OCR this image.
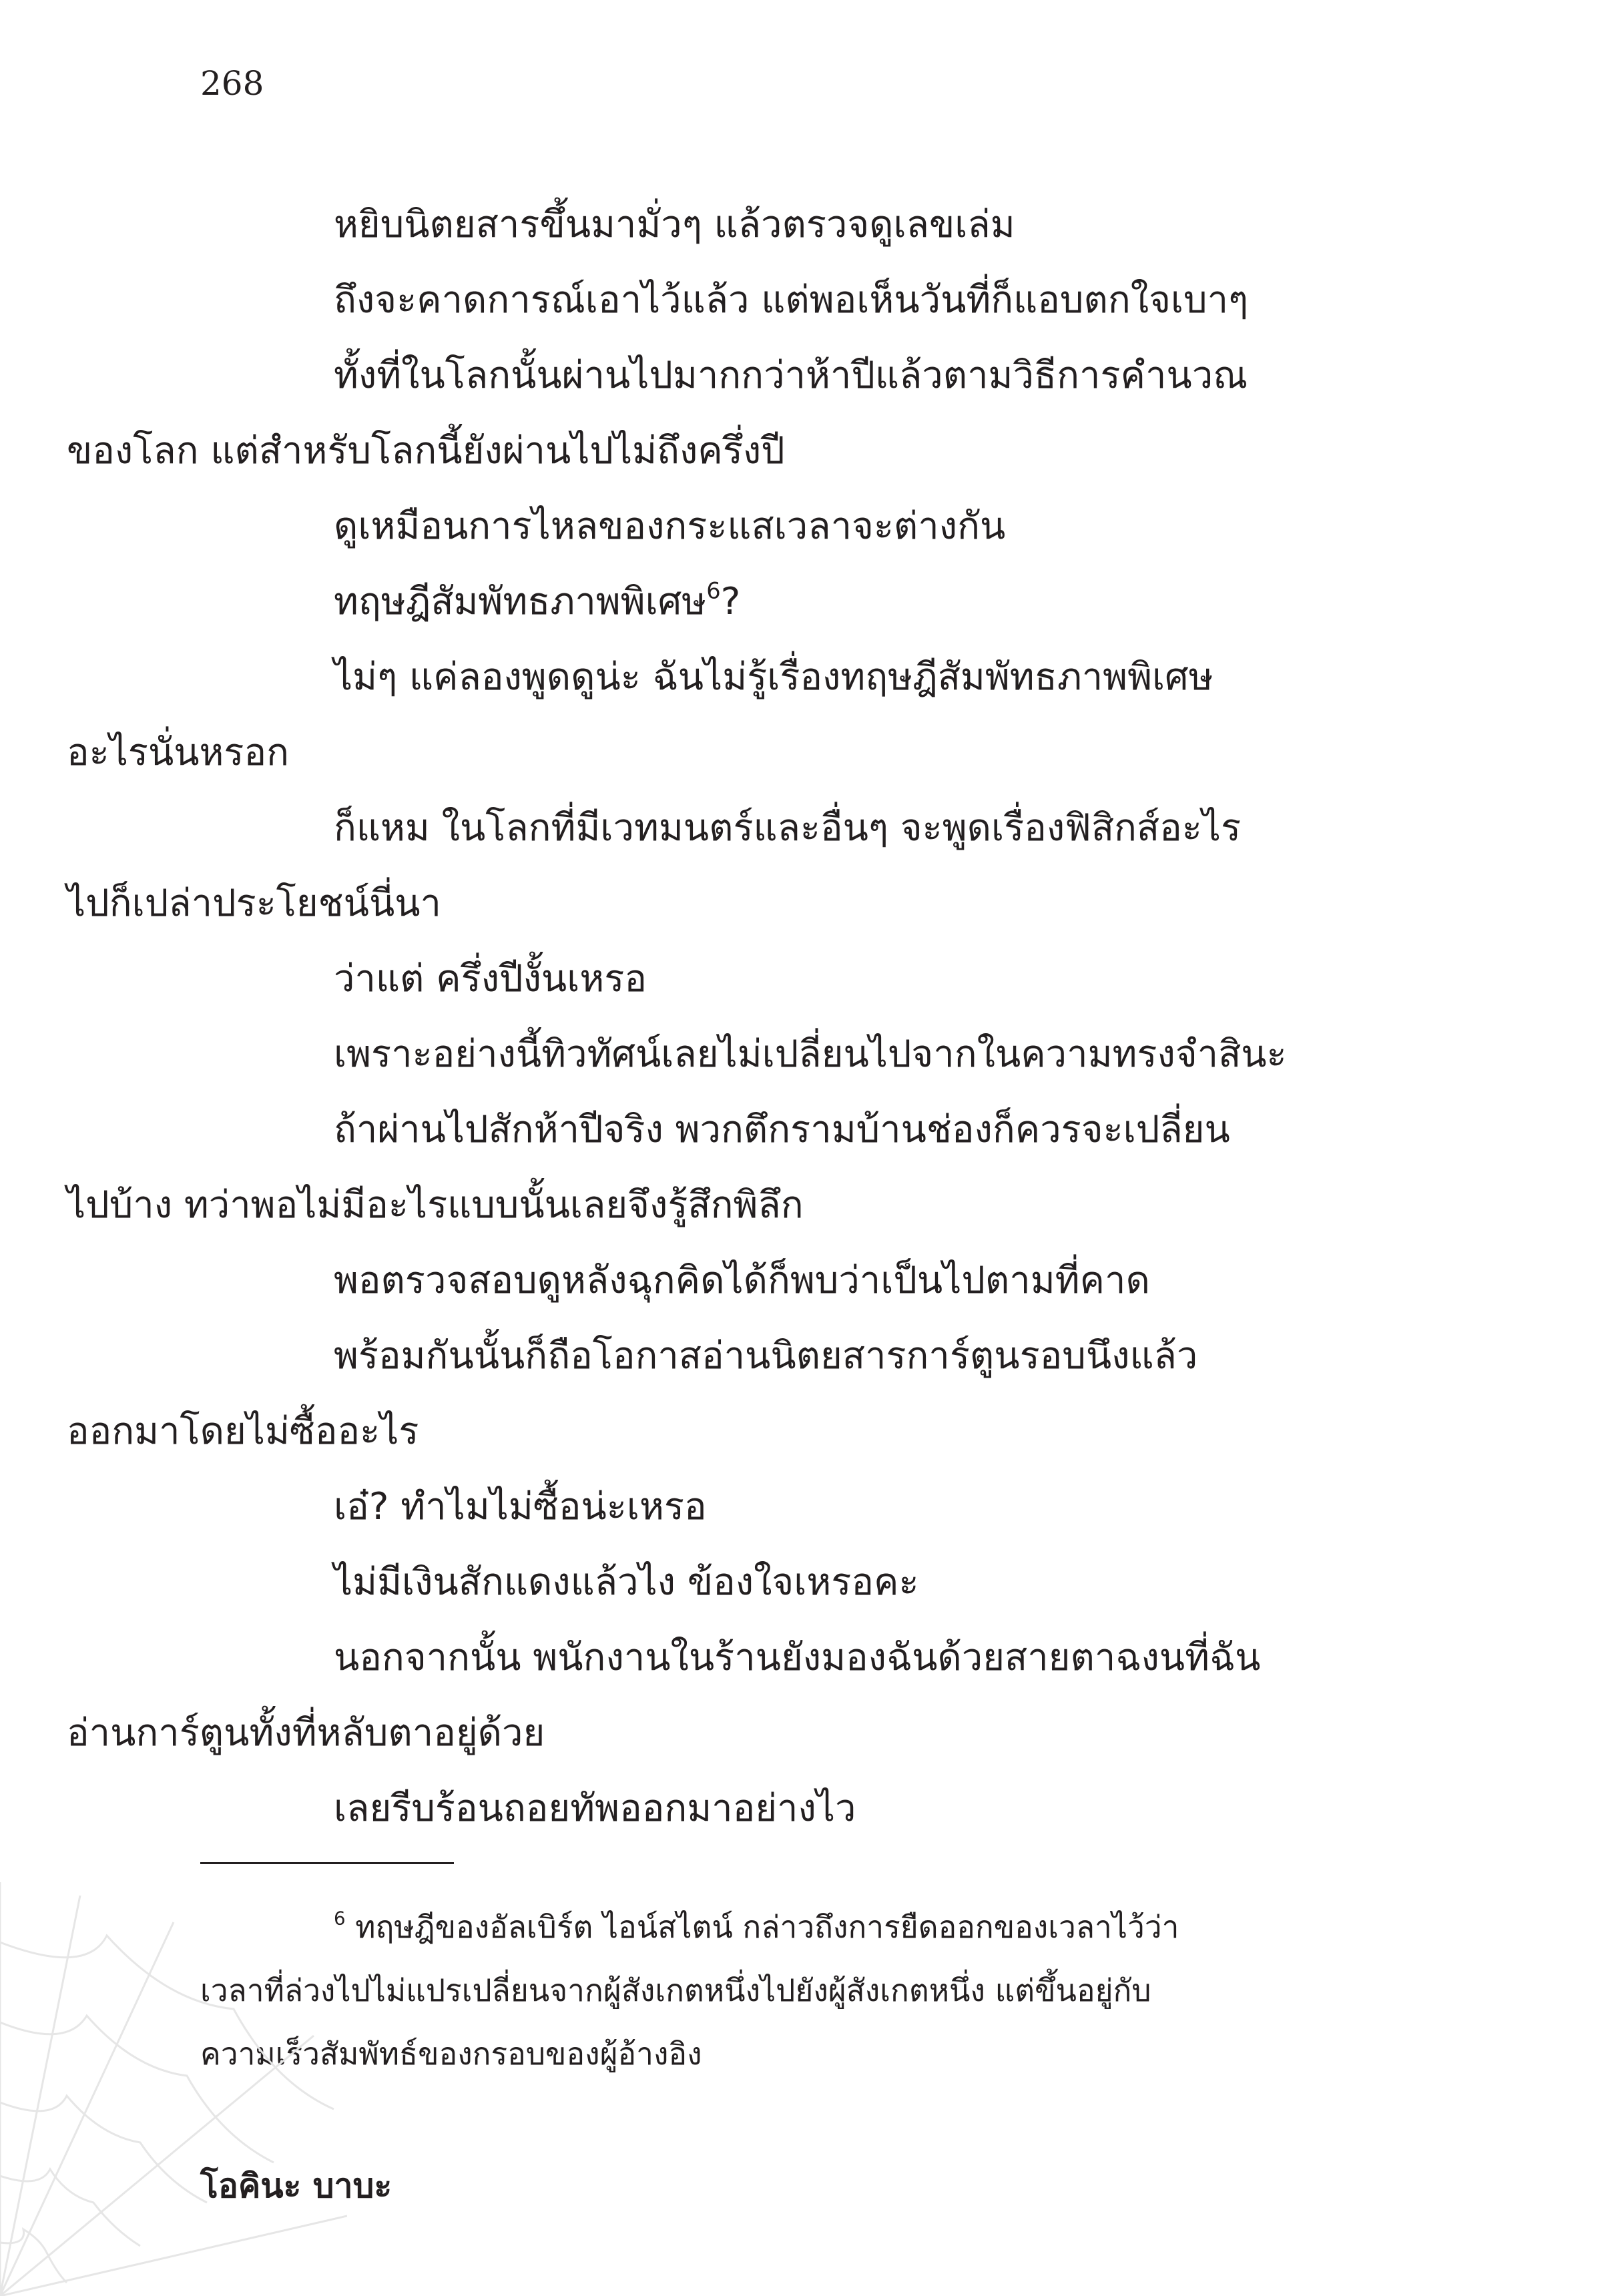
268

หยิบนิตยสารขึ้นมามั่วๆ แล้วตรวจดูเลขเล่ม

ถึงจะคาดการณ์เอาไว้แล้ว แต่พอเห็นวันที่ก็แอบตกใจเบาๆ

ทั้งที่ในโลกนั้นผ่านไปมากกว่าห้าปีแล้วตามวิธีการคำนวณ
ของโลก แต่สำหรับโลกนี้ยังผ่านไปไม่ถึงครึ่งปี

ดูเหมือนการไหลของกระแสเวลาจะต่างกัน

ทฤษฎีสัมพัทธภาพพิเศษ$^6$?

ไม่ๆ แค่ลองพูดดูน่ะ ฉันไม่รู้เรื่องทฤษฎีสัมพัทธภาพพิเศษ
อะไรนั่นหรอก

ก็แหม ในโลกที่มีเวทมนตร์และอื่นๆ จะพูดเรื่องฟิสิกส์อะไร
ไปก็เปล่าประโยชน์นี่นา

ว่าแต่ ครึ่งปีงั้นเหรอ

เพราะอย่างนี้ทิวทัศน์เลยไม่เปลี่ยนไปจากในความทรงจำสินะ

ถ้าผ่านไปสักห้าปีจริง พวกตึกรามบ้านช่องก็ควรจะเปลี่ยน
ไปบ้าง ทว่าพอไม่มีอะไรแบบนั้นเลยจึงรู้สึกพิลึก

พอตรวจสอบดูหลังฉุกคิดได้ก็พบว่าเป็นไปตามที่คาด

พร้อมกันนั้นก็ถือโอกาสอ่านนิตยสารการ์ตูนรอบนึงแล้ว
ออกมาโดยไม่ซื้ออะไร

เอ๋? ทำไมไม่ซื้อน่ะเหรอ

ไม่มีเงินสักแดงแล้วไง ข้องใจเหรอคะ

นอกจากนั้น พนักงานในร้านยังมองฉันด้วยสายตาฉงนที่ฉัน
อ่านการ์ตูนทั้งที่หลับตาอยู่ด้วย

เลยรีบร้อนถอยทัพออกมาอย่างไว

$^6$ ทฤษฎีของอัลเบิร์ต ไอน์สไตน์ กล่าวถึงการยืดออกของเวลาไว้ว่า
เวลาที่ล่วงไปไม่แปรเปลี่ยนจากผู้สังเกตหนึ่งไปยังผู้สังเกตหนึ่ง แต่ขึ้นอยู่กับ
ความเร็วสัมพัทธ์ของกรอบของผู้อ้างอิง

โอคินะ บาบะ
